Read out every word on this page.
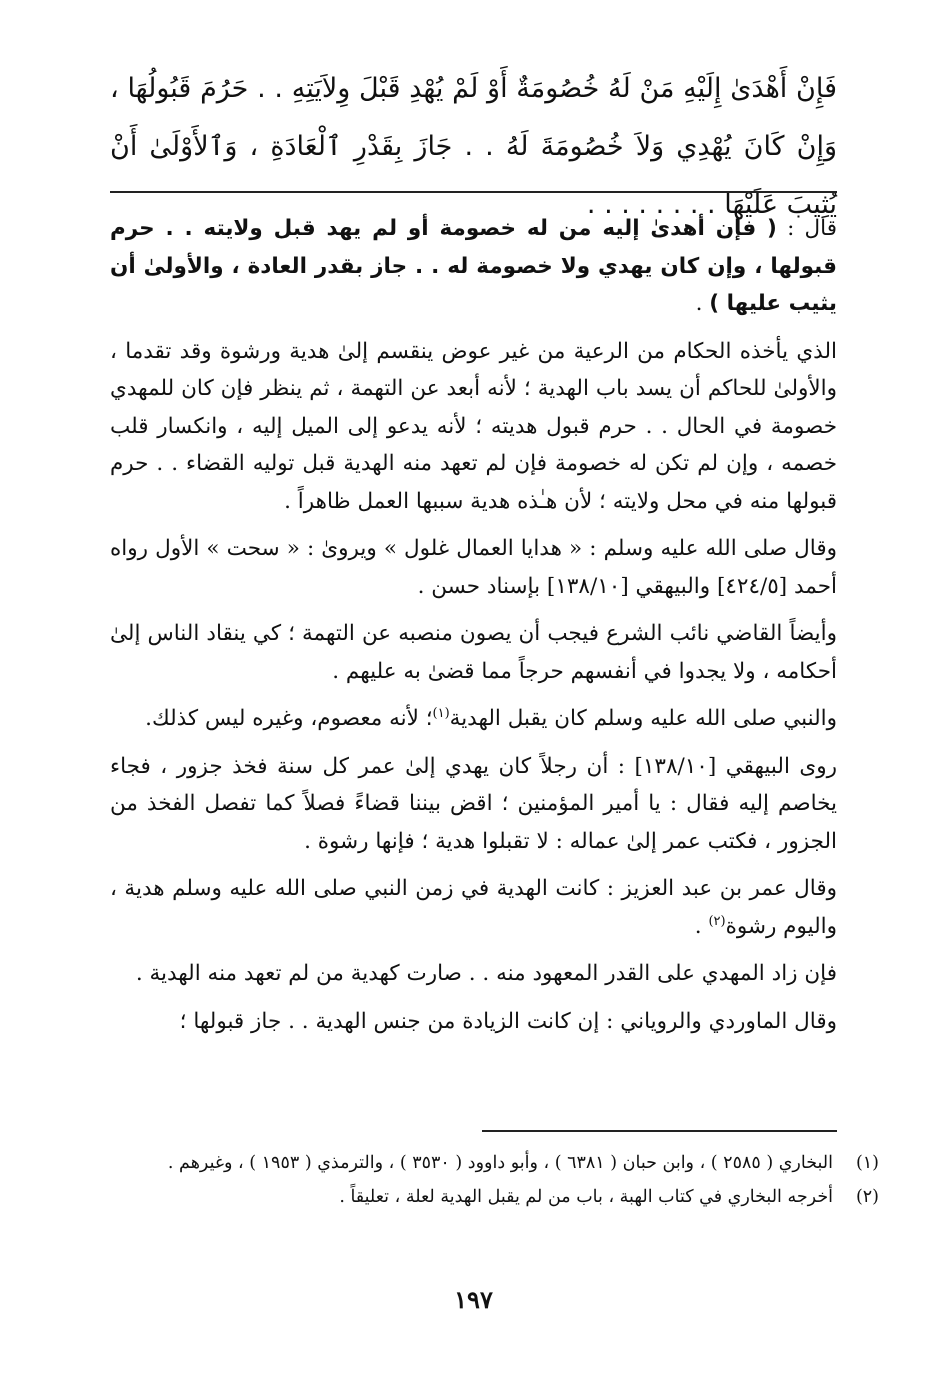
فَإِنْ أَهْدَىٰ إِلَيْهِ مَنْ لَهُ خُصُومَةٌ أَوْ لَمْ يُهْدِ قَبْلَ وِلاَيَتِهِ . . حَرُمَ قَبُولُهَا ، وَإِنْ كَانَ يُهْدِي وَلاَ خُصُومَةَ لَهُ . . جَازَ بِقَدْرِ ٱلْعَادَةِ ، وَٱلأَوْلَىٰ أَنْ يُثِيبَ عَلَيْهَا . . . . . . . .

قال : ( فإن أهدىٰ إليه من له خصومة أو لم يهد قبل ولايته . . حرم قبولها ، وإن كان يهدي ولا خصومة له . . جاز بقدر العادة ، والأولىٰ أن يثيب عليها ) .

الذي يأخذه الحكام من الرعية من غير عوض ينقسم إلىٰ هدية ورشوة وقد تقدما ، والأولىٰ للحاكم أن يسد باب الهدية ؛ لأنه أبعد عن التهمة ، ثم ينظر فإن كان للمهدي خصومة في الحال . . حرم قبول هديته ؛ لأنه يدعو إلى الميل إليه ، وانكسار قلب خصمه ، وإن لم تكن له خصومة فإن لم تعهد منه الهدية قبل توليه القضاء . . حرم قبولها منه في محل ولايته ؛ لأن هـٰذه هدية سببها العمل ظاهراً .

وقال صلى الله عليه وسلم : « هدايا العمال غلول » ويروىٰ : « سحت » الأول رواه أحمد [٤٢٤/٥] والبيهقي [١٣٨/١٠] بإسناد حسن .

وأيضاً القاضي نائب الشرع فيجب أن يصون منصبه عن التهمة ؛ كي ينقاد الناس إلىٰ أحكامه ، ولا يجدوا في أنفسهم حرجاً مما قضىٰ به عليهم .

والنبي صلى الله عليه وسلم كان يقبل الهدية$^{(١)}$؛ لأنه معصوم، وغيره ليس كذلك.

روى البيهقي [١٣٨/١٠] : أن رجلاً كان يهدي إلىٰ عمر كل سنة فخذ جزور ، فجاء يخاصم إليه فقال : يا أمير المؤمنين ؛ اقض بيننا قضاءً فصلاً كما تفصل الفخذ من الجزور ، فكتب عمر إلىٰ عماله : لا تقبلوا هدية ؛ فإنها رشوة .

وقال عمر بن عبد العزيز : كانت الهدية في زمن النبي صلى الله عليه وسلم هدية ، واليوم رشوة$^{(٢)}$ .

فإن زاد المهدي على القدر المعهود منه . . صارت كهدية من لم تعهد منه الهدية .

وقال الماوردي والروياني : إن كانت الزيادة من جنس الهدية . . جاز قبولها ؛

(١)
البخاري ( ٢٥٨٥ ) ، وابن حبان ( ٦٣٨١ ) ، وأبو داوود ( ٣٥٣٠ ) ، والترمذي ( ١٩٥٣ ) ، وغيرهم .
(٢)
أخرجه البخاري في كتاب الهبة ، باب من لم يقبل الهدية لعلة ، تعليقاً .
١٩٧
